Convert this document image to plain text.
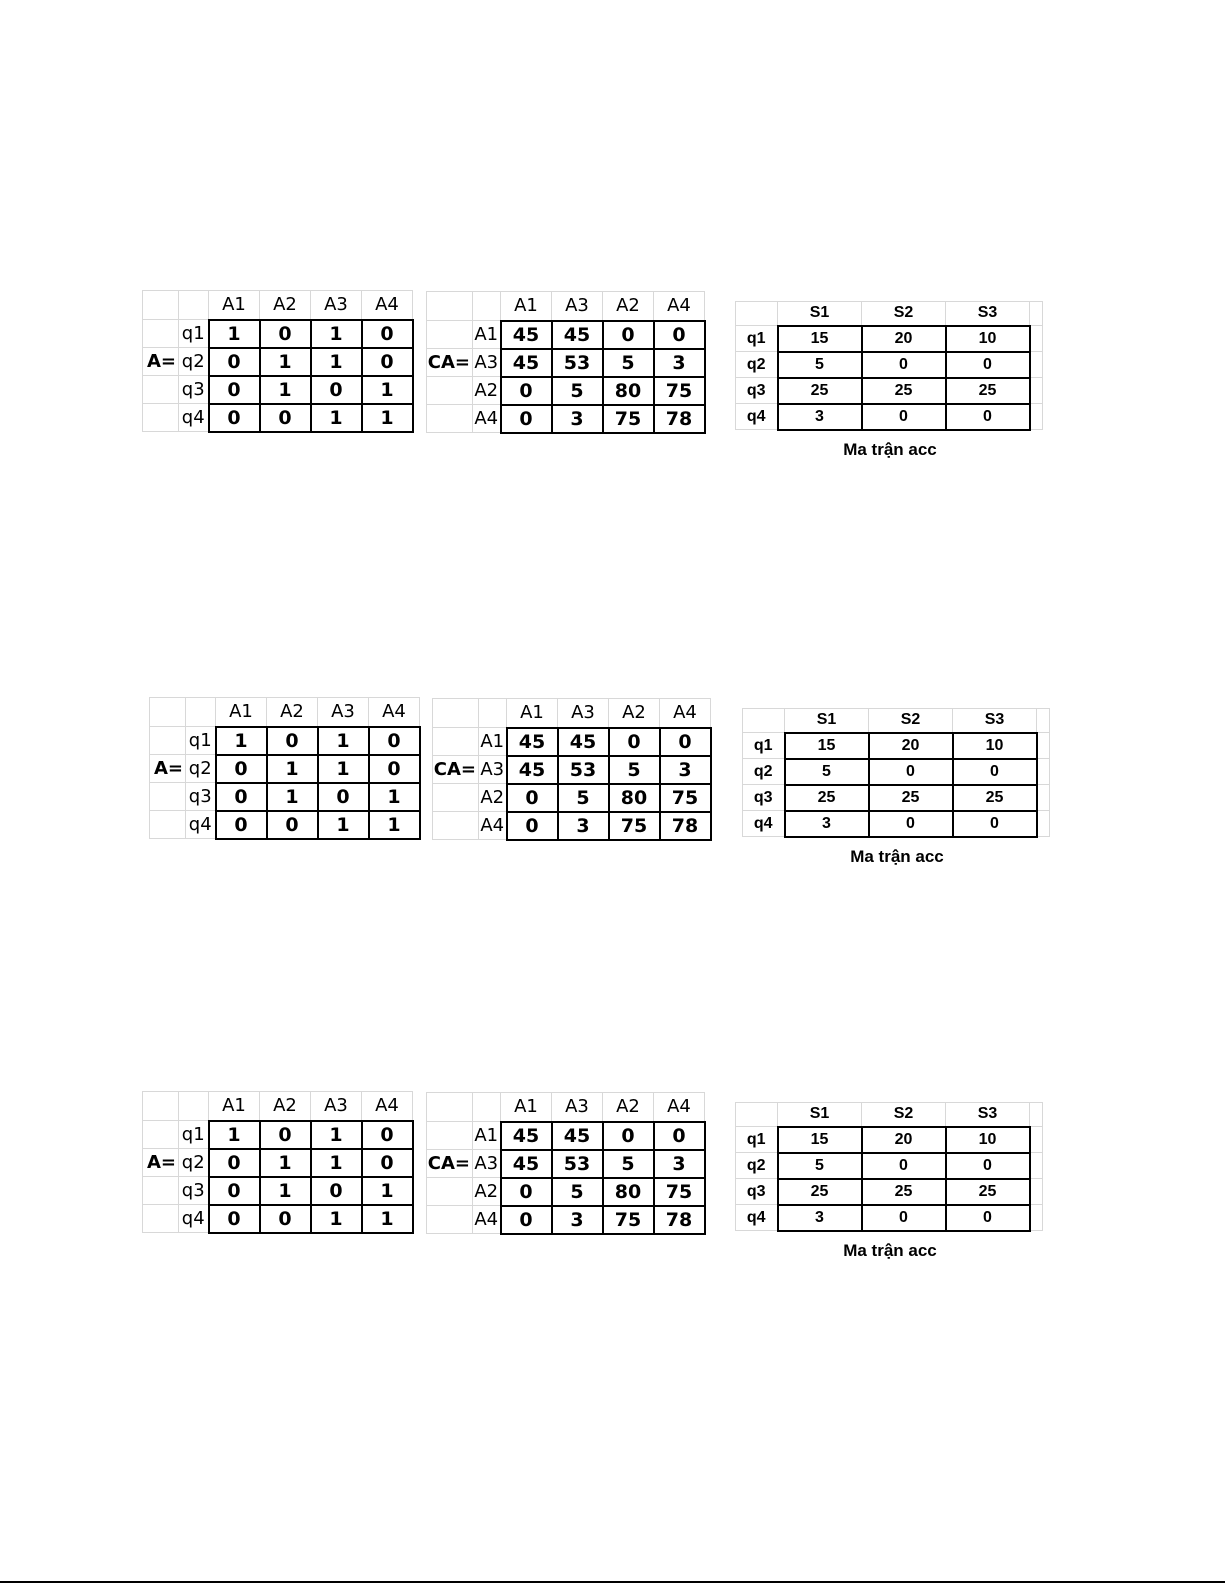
		A1	A2	A3	A4
	q1	1	0	1	0
A=	q2	0	1	1	0
	q3	0	1	0	1
	q4	0	0	1	1
		A1	A3	A2	A4
	A1	45	45	0	0
CA=	A3	45	53	5	3
	A2	0	5	80	75
	A4	0	3	75	78
	S1	S2	S3	
q1	15	20	10	
q2	5	0	0	
q3	25	25	25	
q4	3	0	0	
Ma trận acc
		A1	A2	A3	A4
	q1	1	0	1	0
A=	q2	0	1	1	0
	q3	0	1	0	1
	q4	0	0	1	1
		A1	A3	A2	A4
	A1	45	45	0	0
CA=	A3	45	53	5	3
	A2	0	5	80	75
	A4	0	3	75	78
	S1	S2	S3	
q1	15	20	10	
q2	5	0	0	
q3	25	25	25	
q4	3	0	0	
Ma trận acc
		A1	A2	A3	A4
	q1	1	0	1	0
A=	q2	0	1	1	0
	q3	0	1	0	1
	q4	0	0	1	1
		A1	A3	A2	A4
	A1	45	45	0	0
CA=	A3	45	53	5	3
	A2	0	5	80	75
	A4	0	3	75	78
	S1	S2	S3	
q1	15	20	10	
q2	5	0	0	
q3	25	25	25	
q4	3	0	0	
Ma trận acc
